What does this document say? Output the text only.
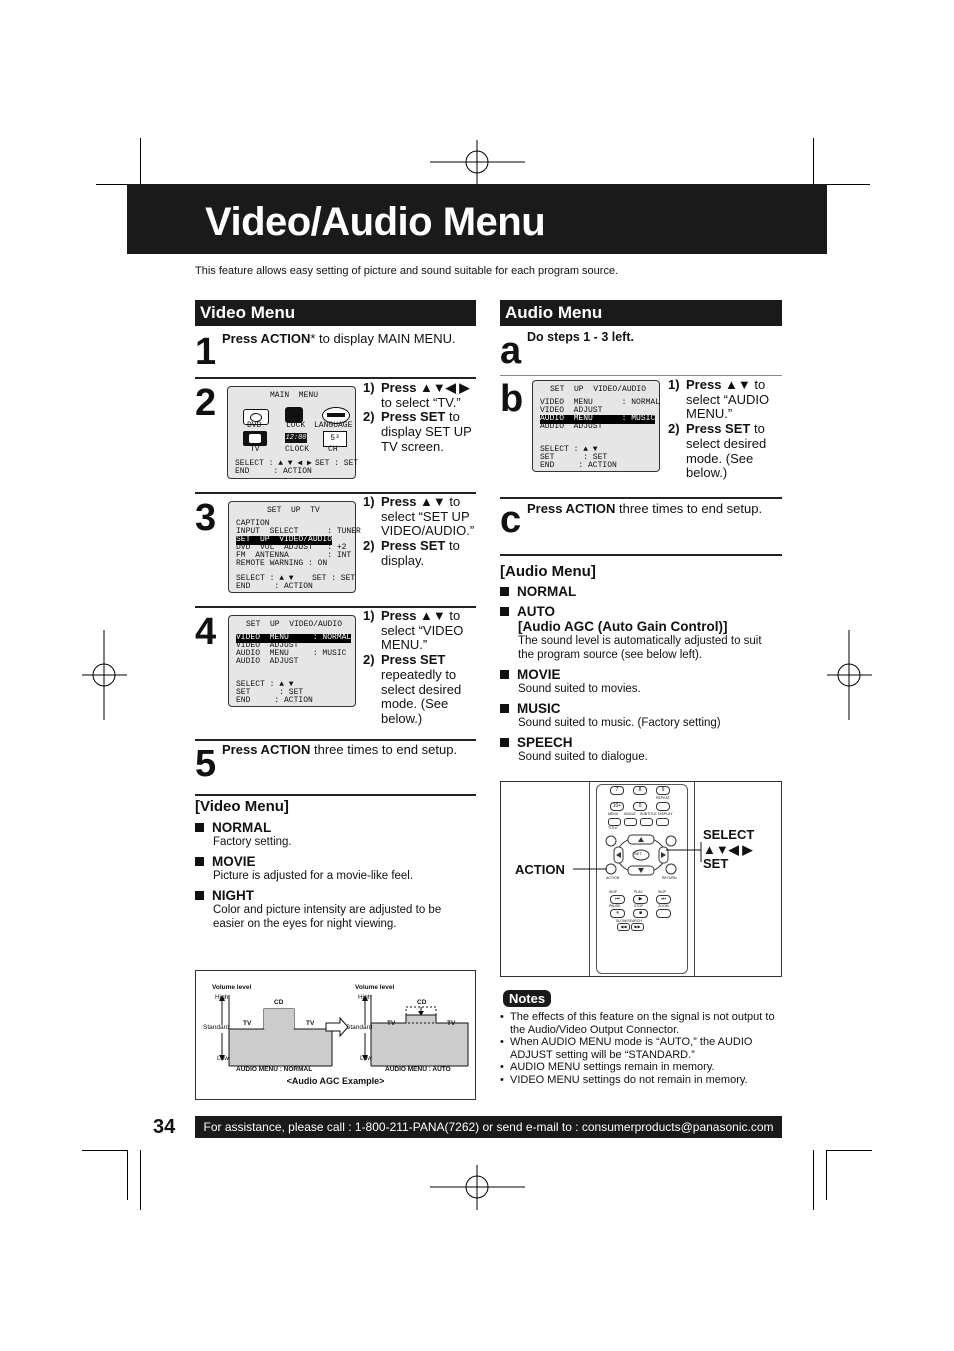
Video/Audio Menu
This feature allows easy setting of picture and sound suitable for each program source.
Video Menu
1 Press ACTION* to display MAIN MENU.
2	MAIN  MENU
DVD	LOCK LANGUAGE
TV
12:00
CLOCK
5³
CH
SELECT : ▲ ▼ ◀ ▶ SET : SET
END     : ACTION
1) Press ▲▼◀ ▶ to select “TV.”
2) Press SET to display SET UP TV screen.
3	SET  UP  TV
CAPTION
INPUT  SELECT      : TUNER
SET  UP  VIDEO/AUDIO
DVD  VOL  ADJUST   : +2
FM  ANTENNA        : INT
REMOTE WARNING : ON
SELECT : ▲ ▼ SET : SET
END     : ACTION
1) Press ▲▼ to select “SET UP VIDEO/AUDIO.”
2) Press SET to display.
4	SET  UP  VIDEO/AUDIO
VIDEO  MENU     : NORMAL
VIDEO  ADJUST
AUDIO  MENU     : MUSIC
AUDIO  ADJUST
SELECT : ▲ ▼
SET      : SET
END     : ACTION
1) Press ▲▼ to select “VIDEO MENU.”
2) Press SET repeatedly to select desired mode. (See below.)
5 Press ACTION three times to end setup.
[Video Menu]
NORMAL
Factory setting.
MOVIE
Picture is adjusted for a movie-like feel.
NIGHT
Color and picture intensity are adjusted to be easier on the eyes for night viewing.
Volume level
High
Standard
Low
CD
TV	TV
AUDIO MENU : NORMAL
Volume level
High
Standard
Low
CD
TV	TV
AUDIO MENU : AUTO
<Audio AGC Example>
Audio Menu
a Do steps 1 - 3 left.
b	SET  UP  VIDEO/AUDIO
VIDEO  MENU      : NORMAL
VIDEO  ADJUST
AUDIO  MENU      : MUSIC
AUDIO  ADJUST
SELECT : ▲ ▼
SET      : SET
END     : ACTION
1) Press ▲▼ to select “AUDIO MENU.”
2) Press SET to select desired mode. (See below.)
c Press ACTION three times to end setup.
[Audio Menu]
NORMAL
AUTO
[Audio AGC (Auto Gain Control)]
The sound level is automatically adjusted to suit the program source (see below left).
MOVIE
Sound suited to movies.
MUSIC
Sound suited to music. (Factory setting)
SPEECH
Sound suited to dialogue.
7	8	9
10+	0
REPEAT
MENU ANGLE SUBTITLE DISPLAY
TITLE
SET
ACTION	RETURN
SKIP	PLAY	SKIP
⏮	▶	⏭
PAUSE	STOP	ZOOM
⏸	■
SLOW/SEARCH
◀◀	▶▶
ACTION
SELECT
▲▼◀ ▶
SET
Notes
• The effects of this feature on the signal is not output to the Audio/Video Output Connector.
• When AUDIO MENU mode is “AUTO,” the AUDIO ADJUST setting will be “STANDARD.”
• AUDIO MENU settings remain in memory.
• VIDEO MENU settings do not remain in memory.
34	For assistance, please call : 1-800-211-PANA(7262) or send e-mail to : consumerproducts@panasonic.com
